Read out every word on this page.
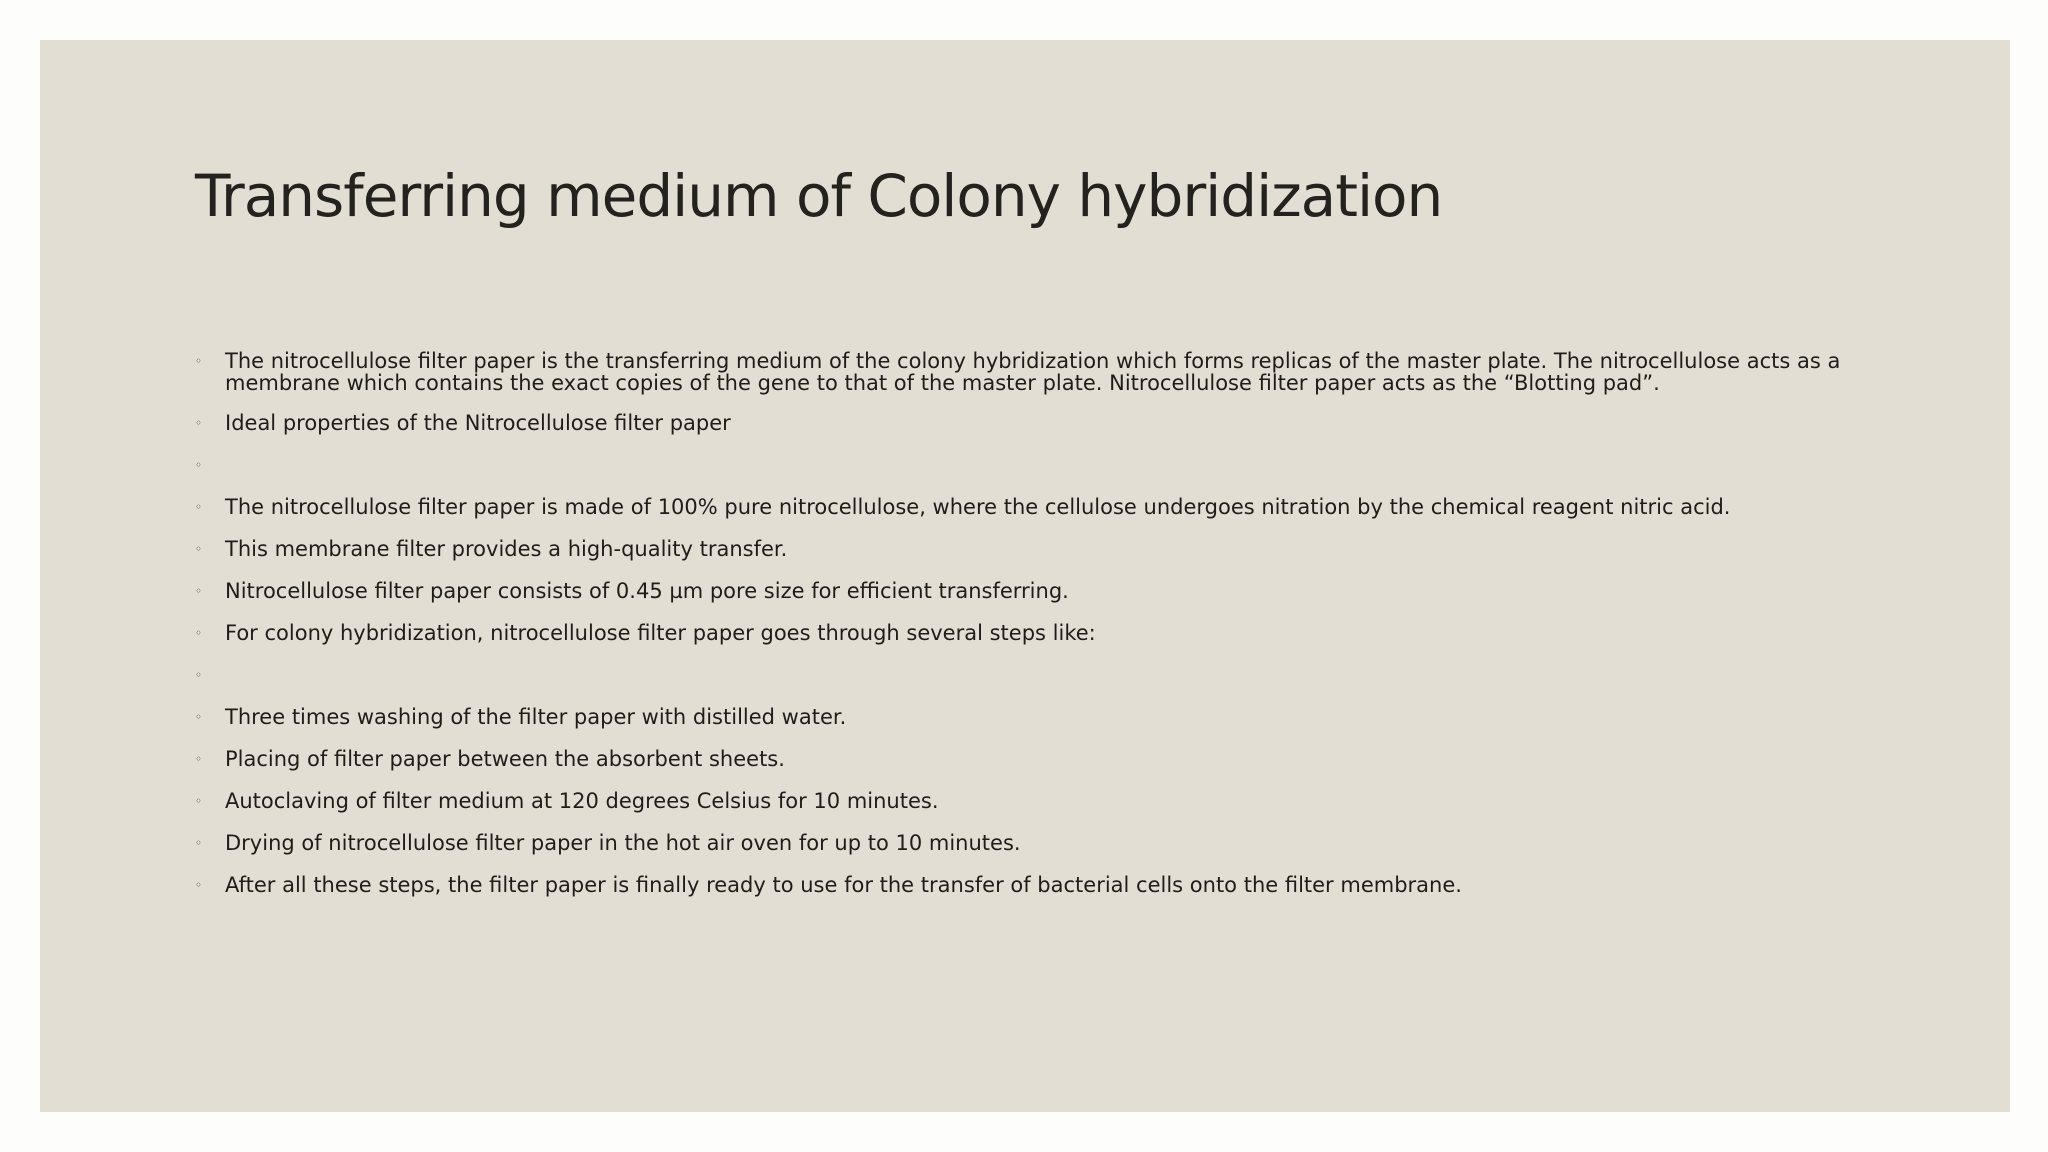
Transferring medium of Colony hybridization
◦ The nitrocellulose filter paper is the transferring medium of the colony hybridization which forms replicas of the master plate. The nitrocellulose acts as a membrane which contains the exact copies of the gene to that of the master plate. Nitrocellulose filter paper acts as the “Blotting pad”.
◦ Ideal properties of the Nitrocellulose filter paper
◦
◦ The nitrocellulose filter paper is made of 100% pure nitrocellulose, where the cellulose undergoes nitration by the chemical reagent nitric acid.
◦ This membrane filter provides a high-quality transfer.
◦ Nitrocellulose filter paper consists of 0.45 µm pore size for efficient transferring.
◦ For colony hybridization, nitrocellulose filter paper goes through several steps like:
◦
◦ Three times washing of the filter paper with distilled water.
◦ Placing of filter paper between the absorbent sheets.
◦ Autoclaving of filter medium at 120 degrees Celsius for 10 minutes.
◦ Drying of nitrocellulose filter paper in the hot air oven for up to 10 minutes.
◦ After all these steps, the filter paper is finally ready to use for the transfer of bacterial cells onto the filter membrane.
